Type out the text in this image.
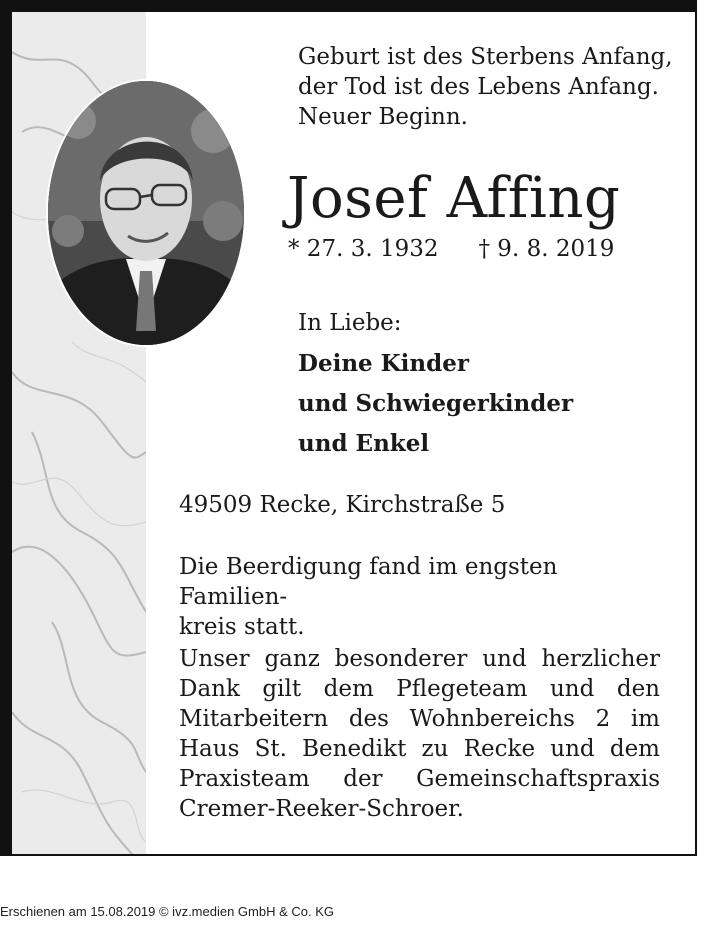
Geburt ist des Sterbens Anfang,
der Tod ist des Lebens Anfang.
Neuer Beginn.
Josef Affing
* 27. 3. 1932 † 9. 8. 2019
In Liebe:
Deine Kinder
und Schwiegerkinder
und Enkel
49509 Recke, Kirchstraße 5
Die Beerdigung fand im engsten Familien-
kreis statt.
Unser ganz besonderer und herzlicher Dank gilt dem Pflegeteam und den Mitarbeitern des Wohnbereichs 2 im Haus St. Benedikt zu Recke und dem Praxisteam der Gemeinschaftspraxis Cremer-Reeker-Schroer.
Erschienen am 15.08.2019 © ivz.medien GmbH & Co. KG
